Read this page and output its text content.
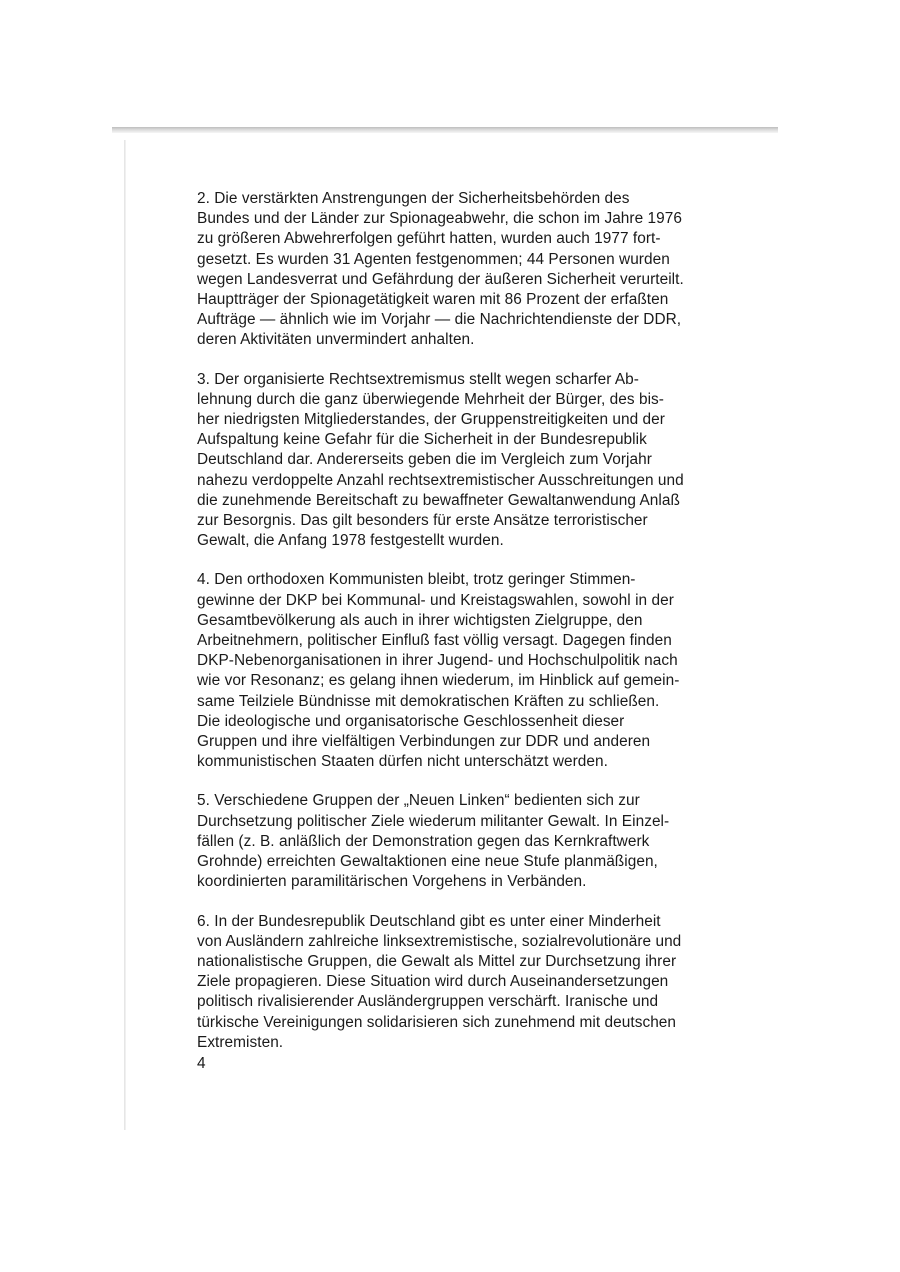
2. Die verstärkten Anstrengungen der Sicherheitsbehörden des
Bundes und der Länder zur Spionageabwehr, die schon im Jahre 1976
zu größeren Abwehrerfolgen geführt hatten, wurden auch 1977 fort-
gesetzt. Es wurden 31 Agenten festgenommen; 44 Personen wurden
wegen Landesverrat und Gefährdung der äußeren Sicherheit verurteilt.
Hauptträger der Spionagetätigkeit waren mit 86 Prozent der erfaßten
Aufträge — ähnlich wie im Vorjahr — die Nachrichtendienste der DDR,
deren Aktivitäten unvermindert anhalten.

3. Der organisierte Rechtsextremismus stellt wegen scharfer Ab-
lehnung durch die ganz überwiegende Mehrheit der Bürger, des bis-
her niedrigsten Mitgliederstandes, der Gruppenstreitigkeiten und der
Aufspaltung keine Gefahr für die Sicherheit in der Bundesrepublik
Deutschland dar. Andererseits geben die im Vergleich zum Vorjahr
nahezu verdoppelte Anzahl rechtsextremistischer Ausschreitungen und
die zunehmende Bereitschaft zu bewaffneter Gewaltanwendung Anlaß
zur Besorgnis. Das gilt besonders für erste Ansätze terroristischer
Gewalt, die Anfang 1978 festgestellt wurden.

4. Den orthodoxen Kommunisten bleibt, trotz geringer Stimmen-
gewinne der DKP bei Kommunal- und Kreistagswahlen, sowohl in der
Gesamtbevölkerung als auch in ihrer wichtigsten Zielgruppe, den
Arbeitnehmern, politischer Einfluß fast völlig versagt. Dagegen finden
DKP-Nebenorganisationen in ihrer Jugend- und Hochschulpolitik nach
wie vor Resonanz; es gelang ihnen wiederum, im Hinblick auf gemein-
same Teilziele Bündnisse mit demokratischen Kräften zu schließen.
Die ideologische und organisatorische Geschlossenheit dieser
Gruppen und ihre vielfältigen Verbindungen zur DDR und anderen
kommunistischen Staaten dürfen nicht unterschätzt werden.

5. Verschiedene Gruppen der „Neuen Linken“ bedienten sich zur
Durchsetzung politischer Ziele wiederum militanter Gewalt. In Einzel-
fällen (z. B. anläßlich der Demonstration gegen das Kernkraftwerk
Grohnde) erreichten Gewaltaktionen eine neue Stufe planmäßigen,
koordinierten paramilitärischen Vorgehens in Verbänden.

6. In der Bundesrepublik Deutschland gibt es unter einer Minderheit
von Ausländern zahlreiche linksextremistische, sozialrevolutionäre und
nationalistische Gruppen, die Gewalt als Mittel zur Durchsetzung ihrer
Ziele propagieren. Diese Situation wird durch Auseinandersetzungen
politisch rivalisierender Ausländergruppen verschärft. Iranische und
türkische Vereinigungen solidarisieren sich zunehmend mit deutschen
Extremisten.

4
